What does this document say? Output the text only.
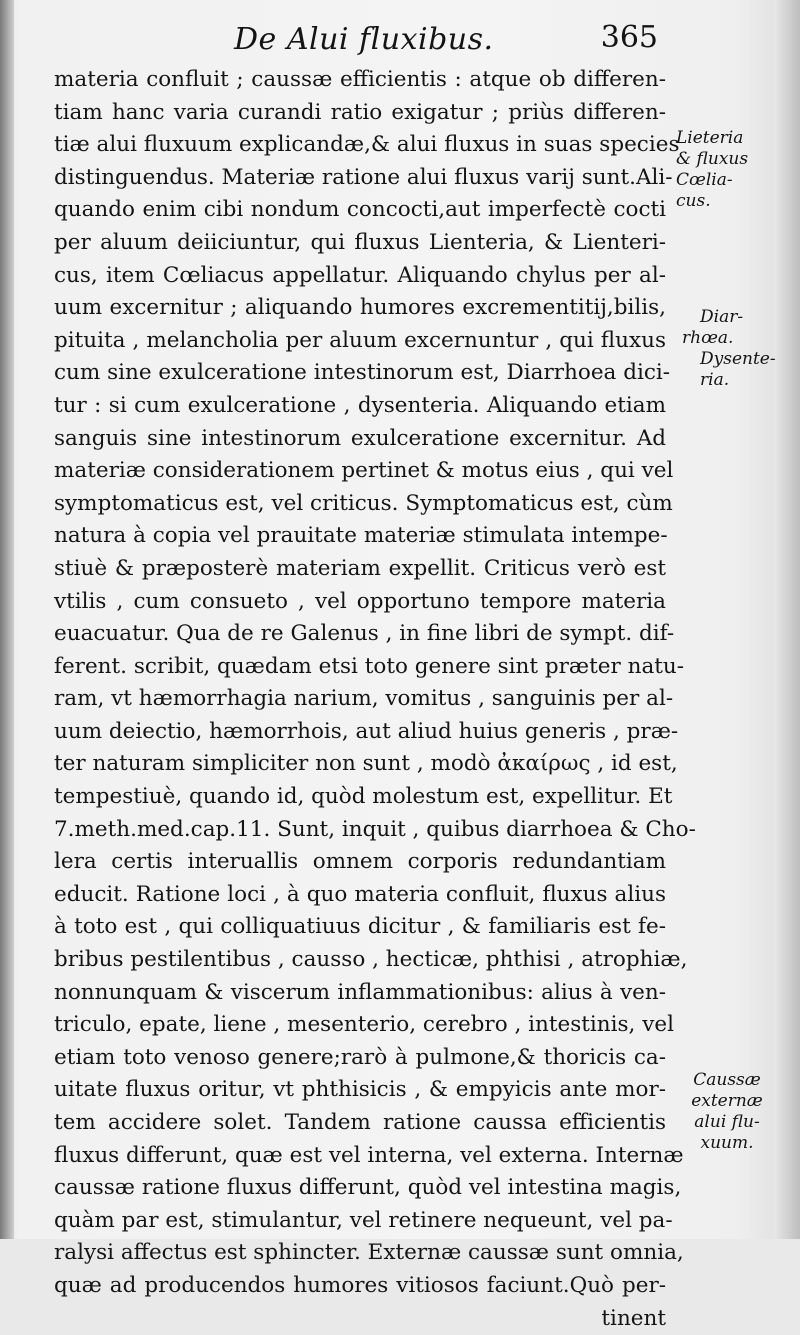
De Alui fluxibus.	365
materia confluit ; caussæ efficientis : atque ob differen-
tiam hanc varia curandi ratio exigatur ; priùs differen-
tiæ alui fluxuum explicandæ,& alui fluxus in suas species
distinguendus. Materiæ ratione alui fluxus varij sunt.Ali-
quando enim cibi nondum concocti,aut imperfectè cocti
per aluum deiiciuntur, qui fluxus Lienteria, & Lienteri-
cus, item Cœliacus appellatur. Aliquando chylus per al-
uum excernitur ; aliquando humores excrementitij,bilis,
pituita , melancholia per aluum excernuntur , qui fluxus
cum sine exulceratione intestinorum est, Diarrhoea dici-
tur : si cum exulceratione , dysenteria. Aliquando etiam
sanguis sine intestinorum exulceratione excernitur. Ad
materiæ considerationem pertinet & motus eius , qui vel
symptomaticus est, vel criticus. Symptomaticus est, cùm
natura à copia vel prauitate materiæ stimulata intempe-
stiuè & præposterè materiam expellit. Criticus verò est
vtilis , cum consueto , vel opportuno tempore materia
euacuatur. Qua de re Galenus , in fine libri de sympt. dif-
ferent. scribit, quædam etsi toto genere sint præter natu-
ram, vt hæmorrhagia narium, vomitus , sanguinis per al-
uum deiectio, hæmorrhois, aut aliud huius generis , præ-
ter naturam simpliciter non sunt , modò ἀκαίρως , id est,
tempestiuè, quando id, quòd molestum est, expellitur. Et
7.meth.med.cap.11. Sunt, inquit , quibus diarrhoea & Cho-
lera certis interuallis omnem corporis redundantiam
educit. Ratione loci , à quo materia confluit, fluxus alius
à toto est , qui colliquatiuus dicitur , & familiaris est fe-
bribus pestilentibus , causso , hecticæ, phthisi , atrophiæ,
nonnunquam & viscerum inflammationibus: alius à ven-
triculo, epate, liene , mesenterio, cerebro , intestinis, vel
etiam toto venoso genere;rarò à pulmone,& thoricis ca-
uitate fluxus oritur, vt phthisicis , & empyicis ante mor-
tem accidere solet. Tandem ratione caussa efficientis
fluxus differunt, quæ est vel interna, vel externa. Internæ
caussæ ratione fluxus differunt, quòd vel intestina magis,
quàm par est, stimulantur, vel retinere nequeunt, vel pa-
ralysi affectus est sphincter. Externæ caussæ sunt omnia,
quæ ad producendos humores vitiosos faciunt.Quò per-
tinent
Lieteria
& fluxus
Cœlia-
cus.
Diar-
rhœa.
Dysente-
ria.
Caussæ
externæ
alui flu-
xuum.
